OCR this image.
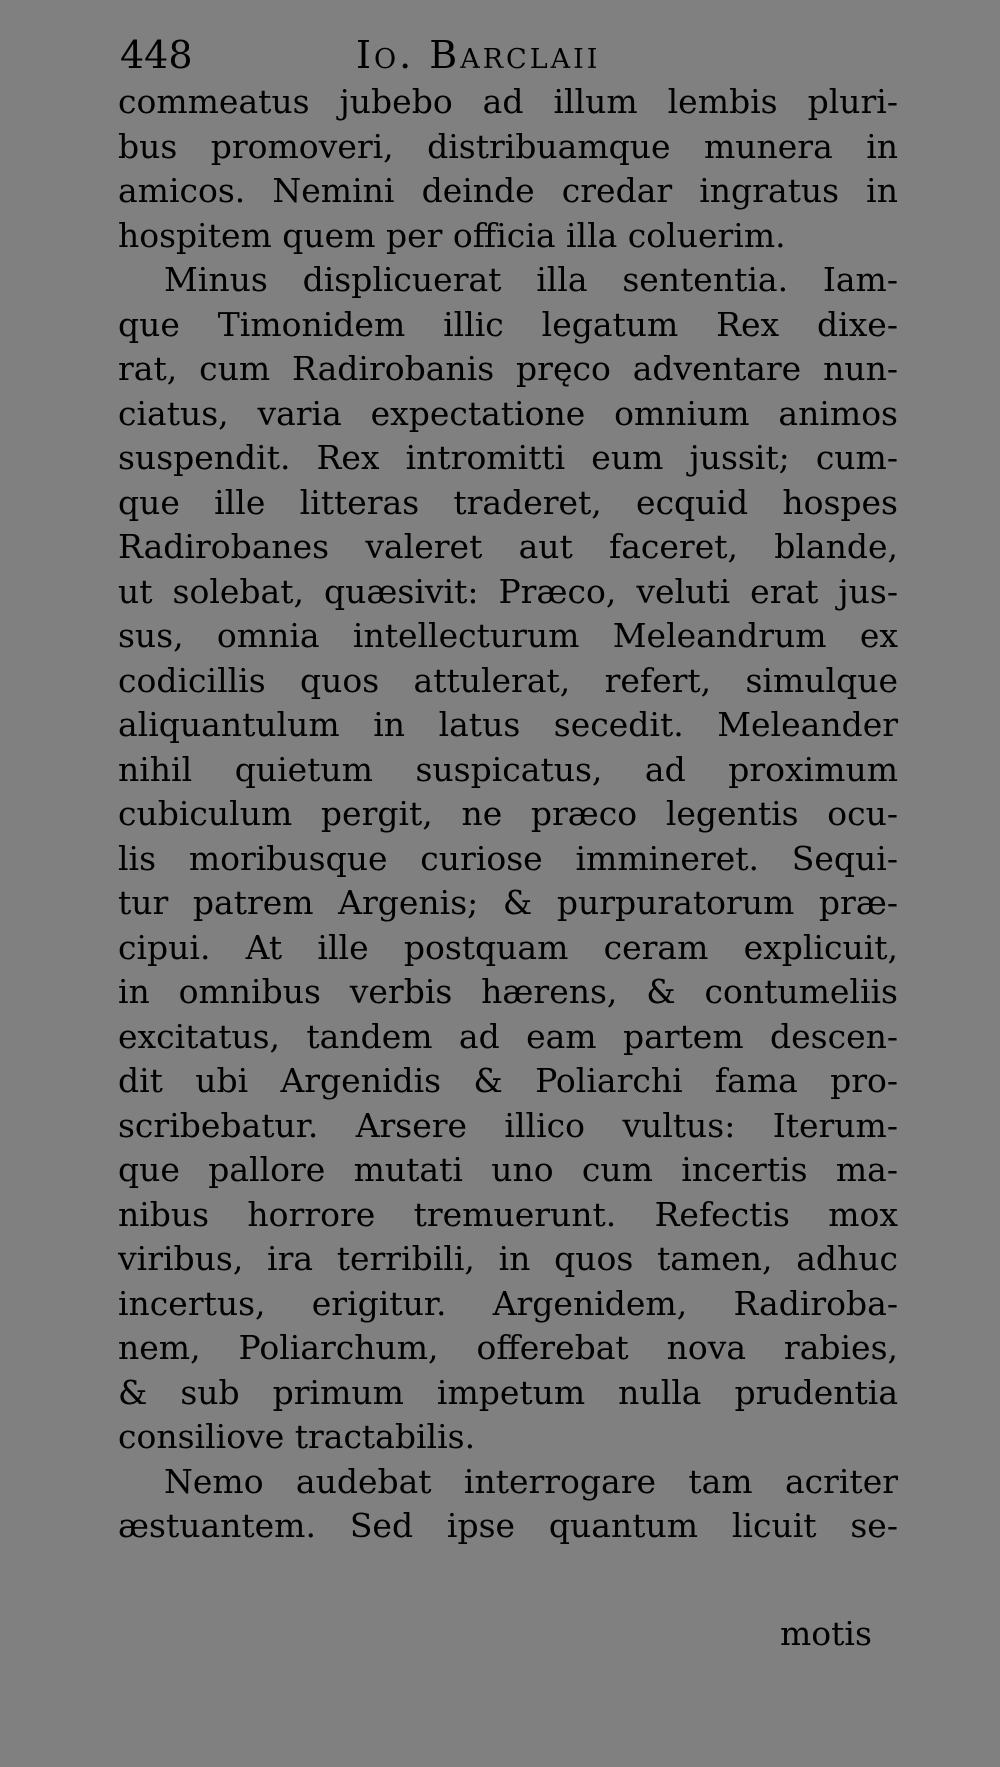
448	Io. Barclaii
commeatus jubebo ad illum lembis pluri-
bus promoveri, distribuamque munera in
amicos. Nemini deinde credar ingratus in
hospitem quem per officia illa coluerim.
Minus displicuerat illa sententia. Iam-
que Timonidem illic legatum Rex dixe-
rat, cum Radirobanis pręco adventare nun-
ciatus, varia expectatione omnium animos
suspendit. Rex intromitti eum jussit; cum-
que ille litteras traderet, ecquid hospes
Radirobanes valeret aut faceret, blande,
ut solebat, quæsivit: Præco, veluti erat jus-
sus, omnia intellecturum Meleandrum ex
codicillis quos attulerat, refert, simulque
aliquantulum in latus secedit. Meleander
nihil quietum suspicatus, ad proximum
cubiculum pergit, ne præco legentis ocu-
lis moribusque curiose immineret. Sequi-
tur patrem Argenis; & purpuratorum præ-
cipui. At ille postquam ceram explicuit,
in omnibus verbis hærens, & contumeliis
excitatus, tandem ad eam partem descen-
dit ubi Argenidis & Poliarchi fama pro-
scribebatur. Arsere illico vultus: Iterum-
que pallore mutati uno cum incertis ma-
nibus horrore tremuerunt. Refectis mox
viribus, ira terribili, in quos tamen, adhuc
incertus, erigitur. Argenidem, Radiroba-
nem, Poliarchum, offerebat nova rabies,
& sub primum impetum nulla prudentia
consiliove tractabilis.
Nemo audebat interrogare tam acriter
æstuantem. Sed ipse quantum licuit se-
motis
